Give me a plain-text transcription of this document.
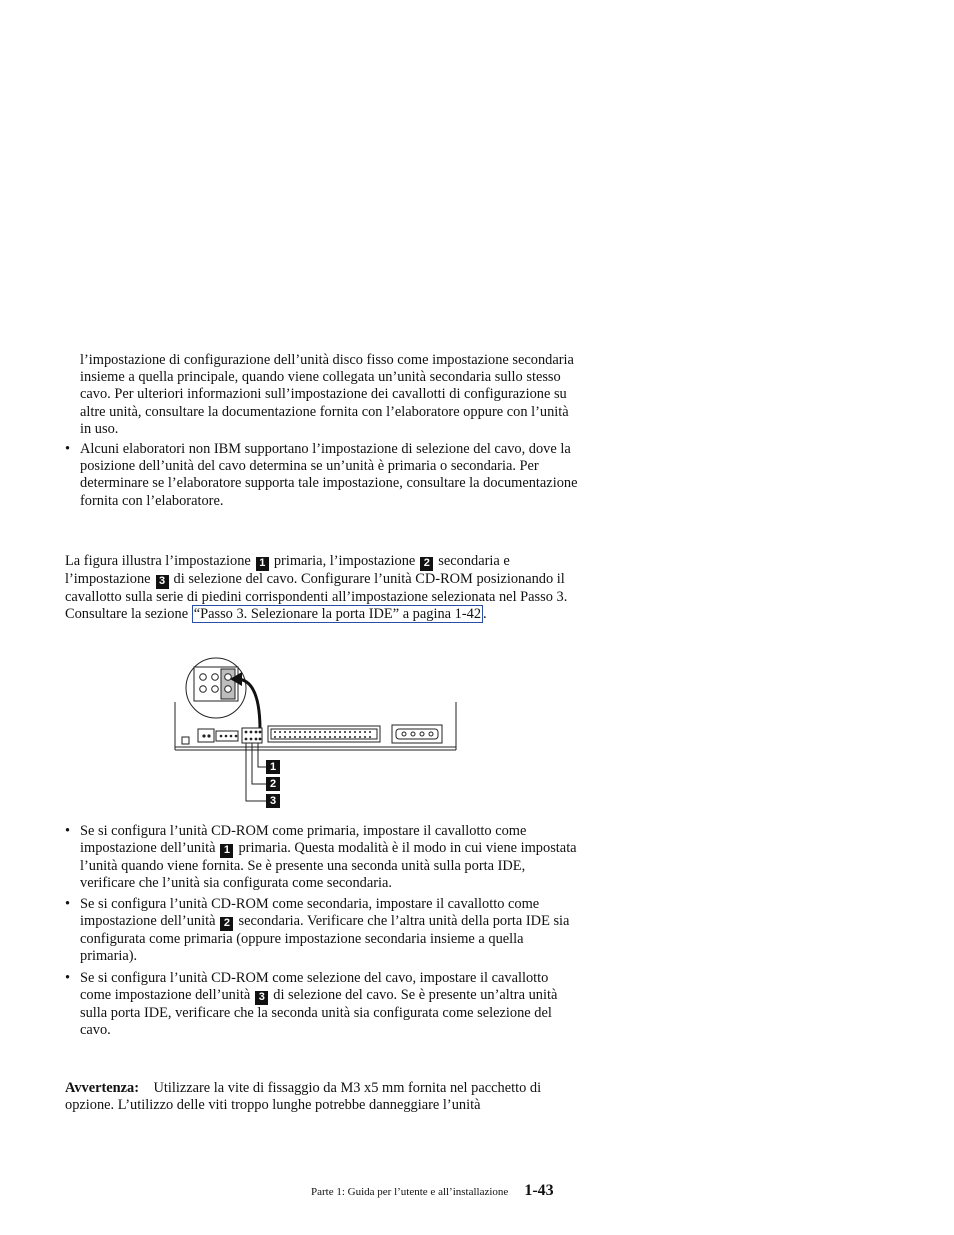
l’impostazione di configurazione dell’unità disco fisso come impostazione secondaria insieme a quella principale, quando viene collegata un’unità secondaria sullo stesso cavo. Per ulteriori informazioni sull’impostazione dei cavallotti di configurazione su altre unità, consultare la documentazione fornita con l’elaboratore oppure con l’unità in uso.
• Alcuni elaboratori non IBM supportano l’impostazione di selezione del cavo, dove la posizione dell’unità del cavo determina se un’unità è primaria o secondaria. Per determinare se l’elaboratore supporta tale impostazione, consultare la documentazione fornita con l’elaboratore.
La figura illustra l’impostazione 1 primaria, l’impostazione 2 secondaria e l’impostazione 3 di selezione del cavo. Configurare l’unità CD-ROM posizionando il cavallotto sulla serie di piedini corrispondenti all’impostazione selezionata nel Passo 3. Consultare la sezione “Passo 3. Selezionare la porta IDE” a pagina 1-42 .
1
2
3
• Se si configura l’unità CD-ROM come primaria, impostare il cavallotto come impostazione dell’unità 1 primaria. Questa modalità è il modo in cui viene impostata l’unità quando viene fornita. Se è presente una seconda unità sulla porta IDE, verificare che l’unità sia configurata come secondaria.
• Se si configura l’unità CD-ROM come secondaria, impostare il cavallotto come impostazione dell’unità 2 secondaria. Verificare che l’altra unità della porta IDE sia configurata come primaria (oppure impostazione secondaria insieme a quella primaria).
• Se si configura l’unità CD-ROM come selezione del cavo, impostare il cavallotto come impostazione dell’unità 3 di selezione del cavo. Se è presente un’altra unità sulla porta IDE, verificare che la seconda unità sia configurata come selezione del cavo.
Avvertenza: Utilizzare la vite di fissaggio da M3 x5 mm fornita nel pacchetto di opzione. L’utilizzo delle viti troppo lunghe potrebbe danneggiare l’unità
Parte 1: Guida per l’utente e all’installazione 1-43
